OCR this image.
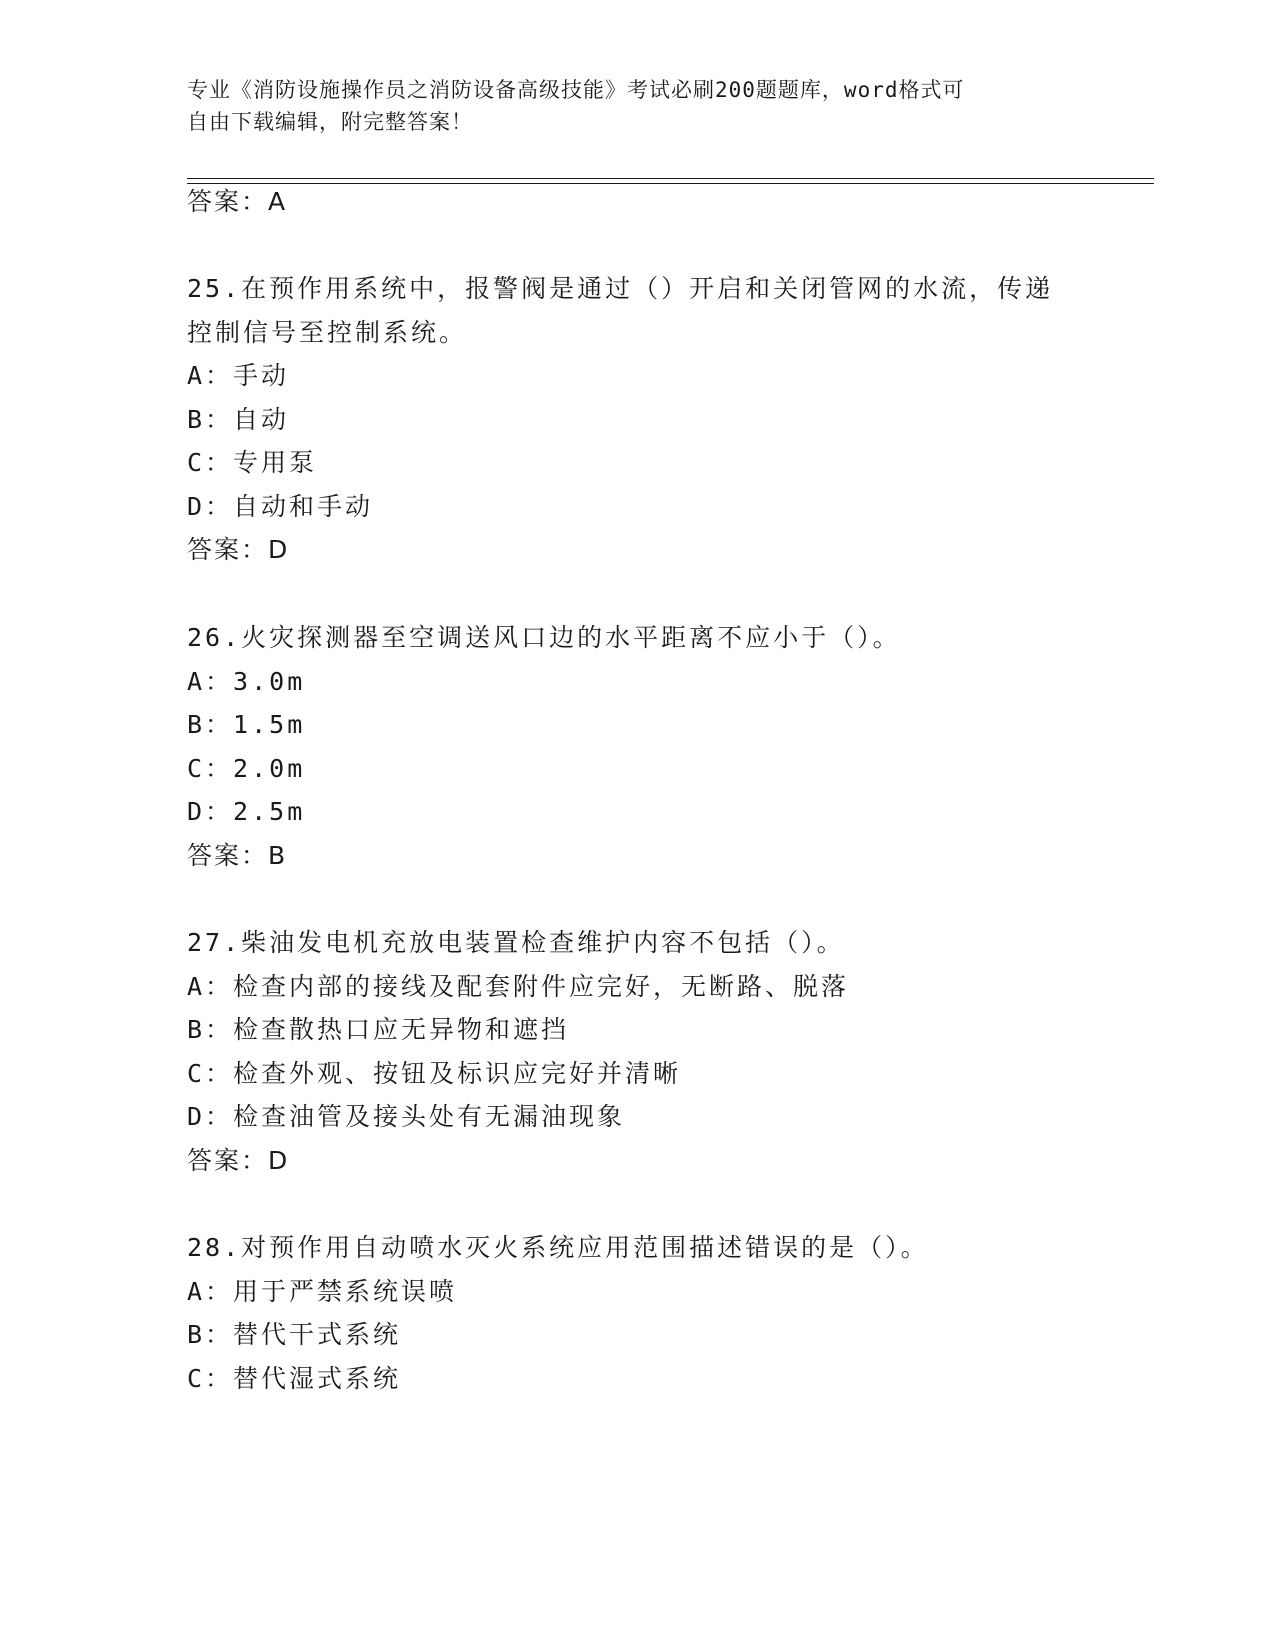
专业《消防设施操作员之消防设备高级技能》考试必刷200题题库，word格式可
自由下载编辑，附完整答案！
答案：A
25.在预作用系统中，报警阀是通过（）开启和关闭管网的水流，传递
控制信号至控制系统。
A：手动
B：自动
C：专用泵
D：自动和手动
答案：D
26.火灾探测器至空调送风口边的水平距离不应小于（）。
A：3.0m
B：1.5m
C：2.0m
D：2.5m
答案：B
27.柴油发电机充放电装置检查维护内容不包括（）。
A：检查内部的接线及配套附件应完好，无断路、脱落
B：检查散热口应无异物和遮挡
C：检查外观、按钮及标识应完好并清晰
D：检查油管及接头处有无漏油现象
答案：D
28.对预作用自动喷水灭火系统应用范围描述错误的是（）。
A：用于严禁系统误喷
B：替代干式系统
C：替代湿式系统
